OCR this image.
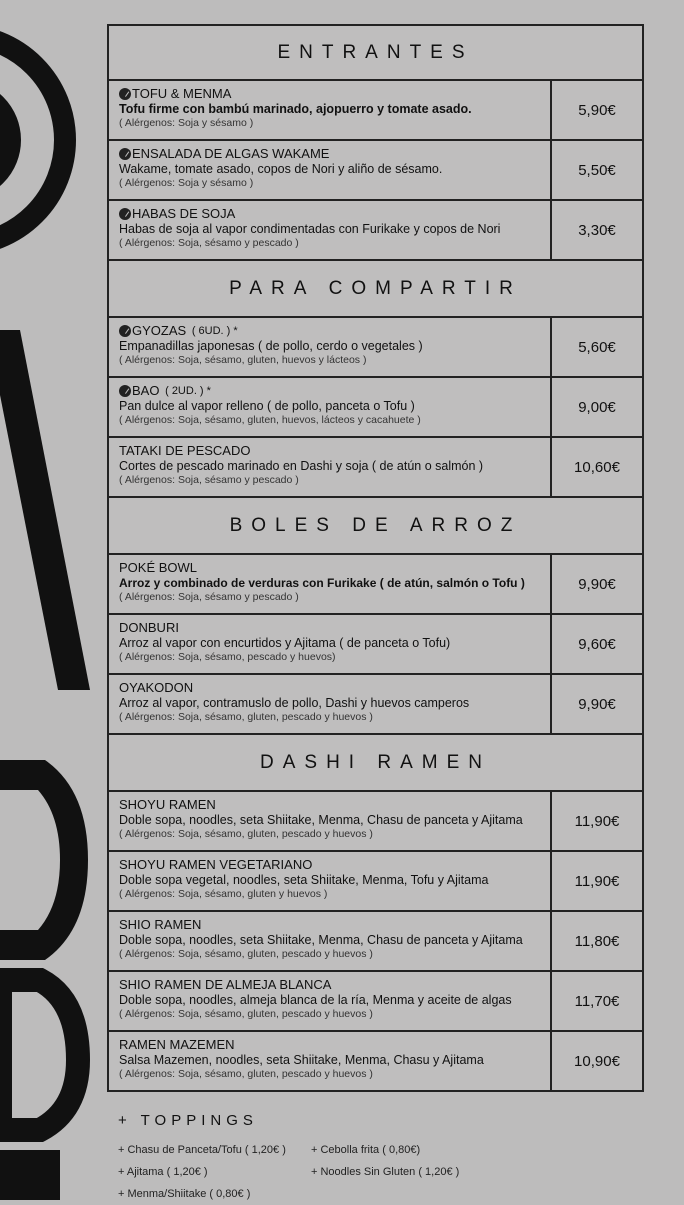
ENTRANTES
TOFU & MENMA
Tofu firme con bambú marinado, ajopuerro y tomate asado.
( Alérgenos: Soja y sésamo )
5,90€
ENSALADA DE ALGAS WAKAME
Wakame, tomate asado, copos de Nori y aliño de sésamo.
( Alérgenos: Soja y sésamo )
5,50€
HABAS DE SOJA
Habas de soja al vapor condimentadas con Furikake y copos de Nori
( Alérgenos: Soja, sésamo y pescado )
3,30€
PARA COMPARTIR
GYOZAS
( 6UD. ) *
Empanadillas japonesas ( de pollo, cerdo o vegetales )
( Alérgenos: Soja, sésamo, gluten, huevos y lácteos )
5,60€
BAO
( 2UD. ) *
Pan dulce al vapor relleno ( de pollo, panceta o Tofu )
( Alérgenos: Soja, sésamo, gluten, huevos, lácteos y cacahuete )
9,00€
TATAKI DE PESCADO
Cortes de pescado marinado en Dashi y soja ( de atún o salmón )
( Alérgenos: Soja, sésamo y pescado )
10,60€
BOLES DE ARROZ
POKÉ BOWL
Arroz y combinado de verduras con Furikake ( de atún, salmón o Tofu )
( Alérgenos: Soja, sésamo y pescado )
9,90€
DONBURI
Arroz al vapor con encurtidos y Ajitama ( de panceta o Tofu)
( Alérgenos: Soja, sésamo, pescado y huevos)
9,60€
OYAKODON
Arroz al vapor, contramuslo de pollo, Dashi y huevos camperos
( Alérgenos: Soja, sésamo, gluten, pescado y huevos )
9,90€
DASHI RAMEN
SHOYU RAMEN
Doble sopa, noodles, seta Shiitake, Menma, Chasu de panceta y Ajitama
( Alérgenos: Soja, sésamo, gluten, pescado y huevos )
11,90€
SHOYU RAMEN VEGETARIANO
Doble sopa vegetal, noodles, seta Shiitake, Menma, Tofu y Ajitama
( Alérgenos: Soja, sésamo, gluten y huevos )
11,90€
SHIO RAMEN
Doble sopa, noodles, seta Shiitake, Menma, Chasu de panceta y Ajitama
( Alérgenos: Soja, sésamo, gluten, pescado y huevos )
11,80€
SHIO RAMEN DE ALMEJA BLANCA
Doble sopa, noodles, almeja blanca de la ría, Menma y aceite de algas
( Alérgenos: Soja, sésamo, gluten, pescado y huevos )
11,70€
RAMEN MAZEMEN
Salsa Mazemen, noodles, seta Shiitake, Menma, Chasu y Ajitama
( Alérgenos: Soja, sésamo, gluten, pescado y huevos )
10,90€
+ TOPPINGS
+ Chasu de Panceta/Tofu ( 1,20€ )
+ Ajitama ( 1,20€ )
+ Menma/Shiitake ( 0,80€ )
+ Cebolla frita ( 0,80€)
+ Noodles Sin Gluten ( 1,20€ )
